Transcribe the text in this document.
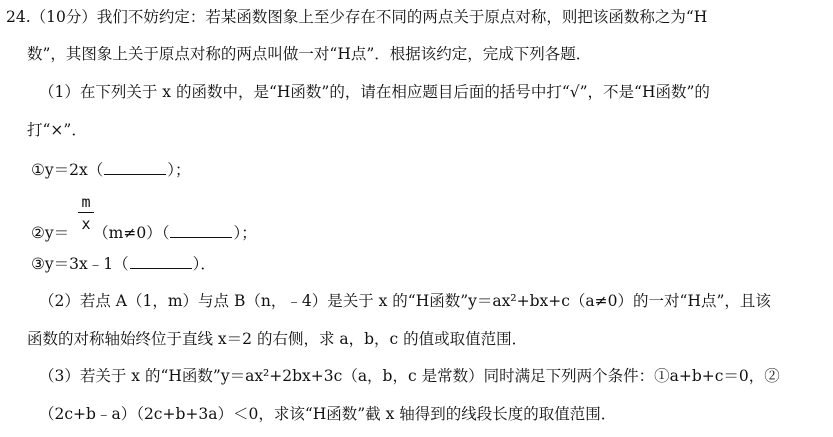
24.（10分）我们不妨约定：若某函数图象上至少存在不同的两点关于原点对称，则把该函数称之为“H
数”，其图象上关于原点对称的两点叫做一对“H点”．根据该约定，完成下列各题．
（1）在下列关于 x 的函数中，是“H函数”的，请在相应题目后面的括号中打“√”，不是“H函数”的
打“×”．
①y＝2x（	）；
m
x
②y＝ （m≠0）（	）；
③y＝3x﹣1（	）．
（2）若点 A（1，m）与点 B（n，﹣4）是关于 x 的“H函数”y＝ax²+bx+c（a≠0）的一对“H点”，且该
函数的对称轴始终位于直线 x＝2 的右侧，求 a，b，c 的值或取值范围．
（3）若关于 x 的“H函数”y＝ax²+2bx+3c（a，b，c 是常数）同时满足下列两个条件：①a+b+c＝0，②
（2c+b﹣a）（2c+b+3a）＜0，求该“H函数”截 x 轴得到的线段长度的取值范围．
